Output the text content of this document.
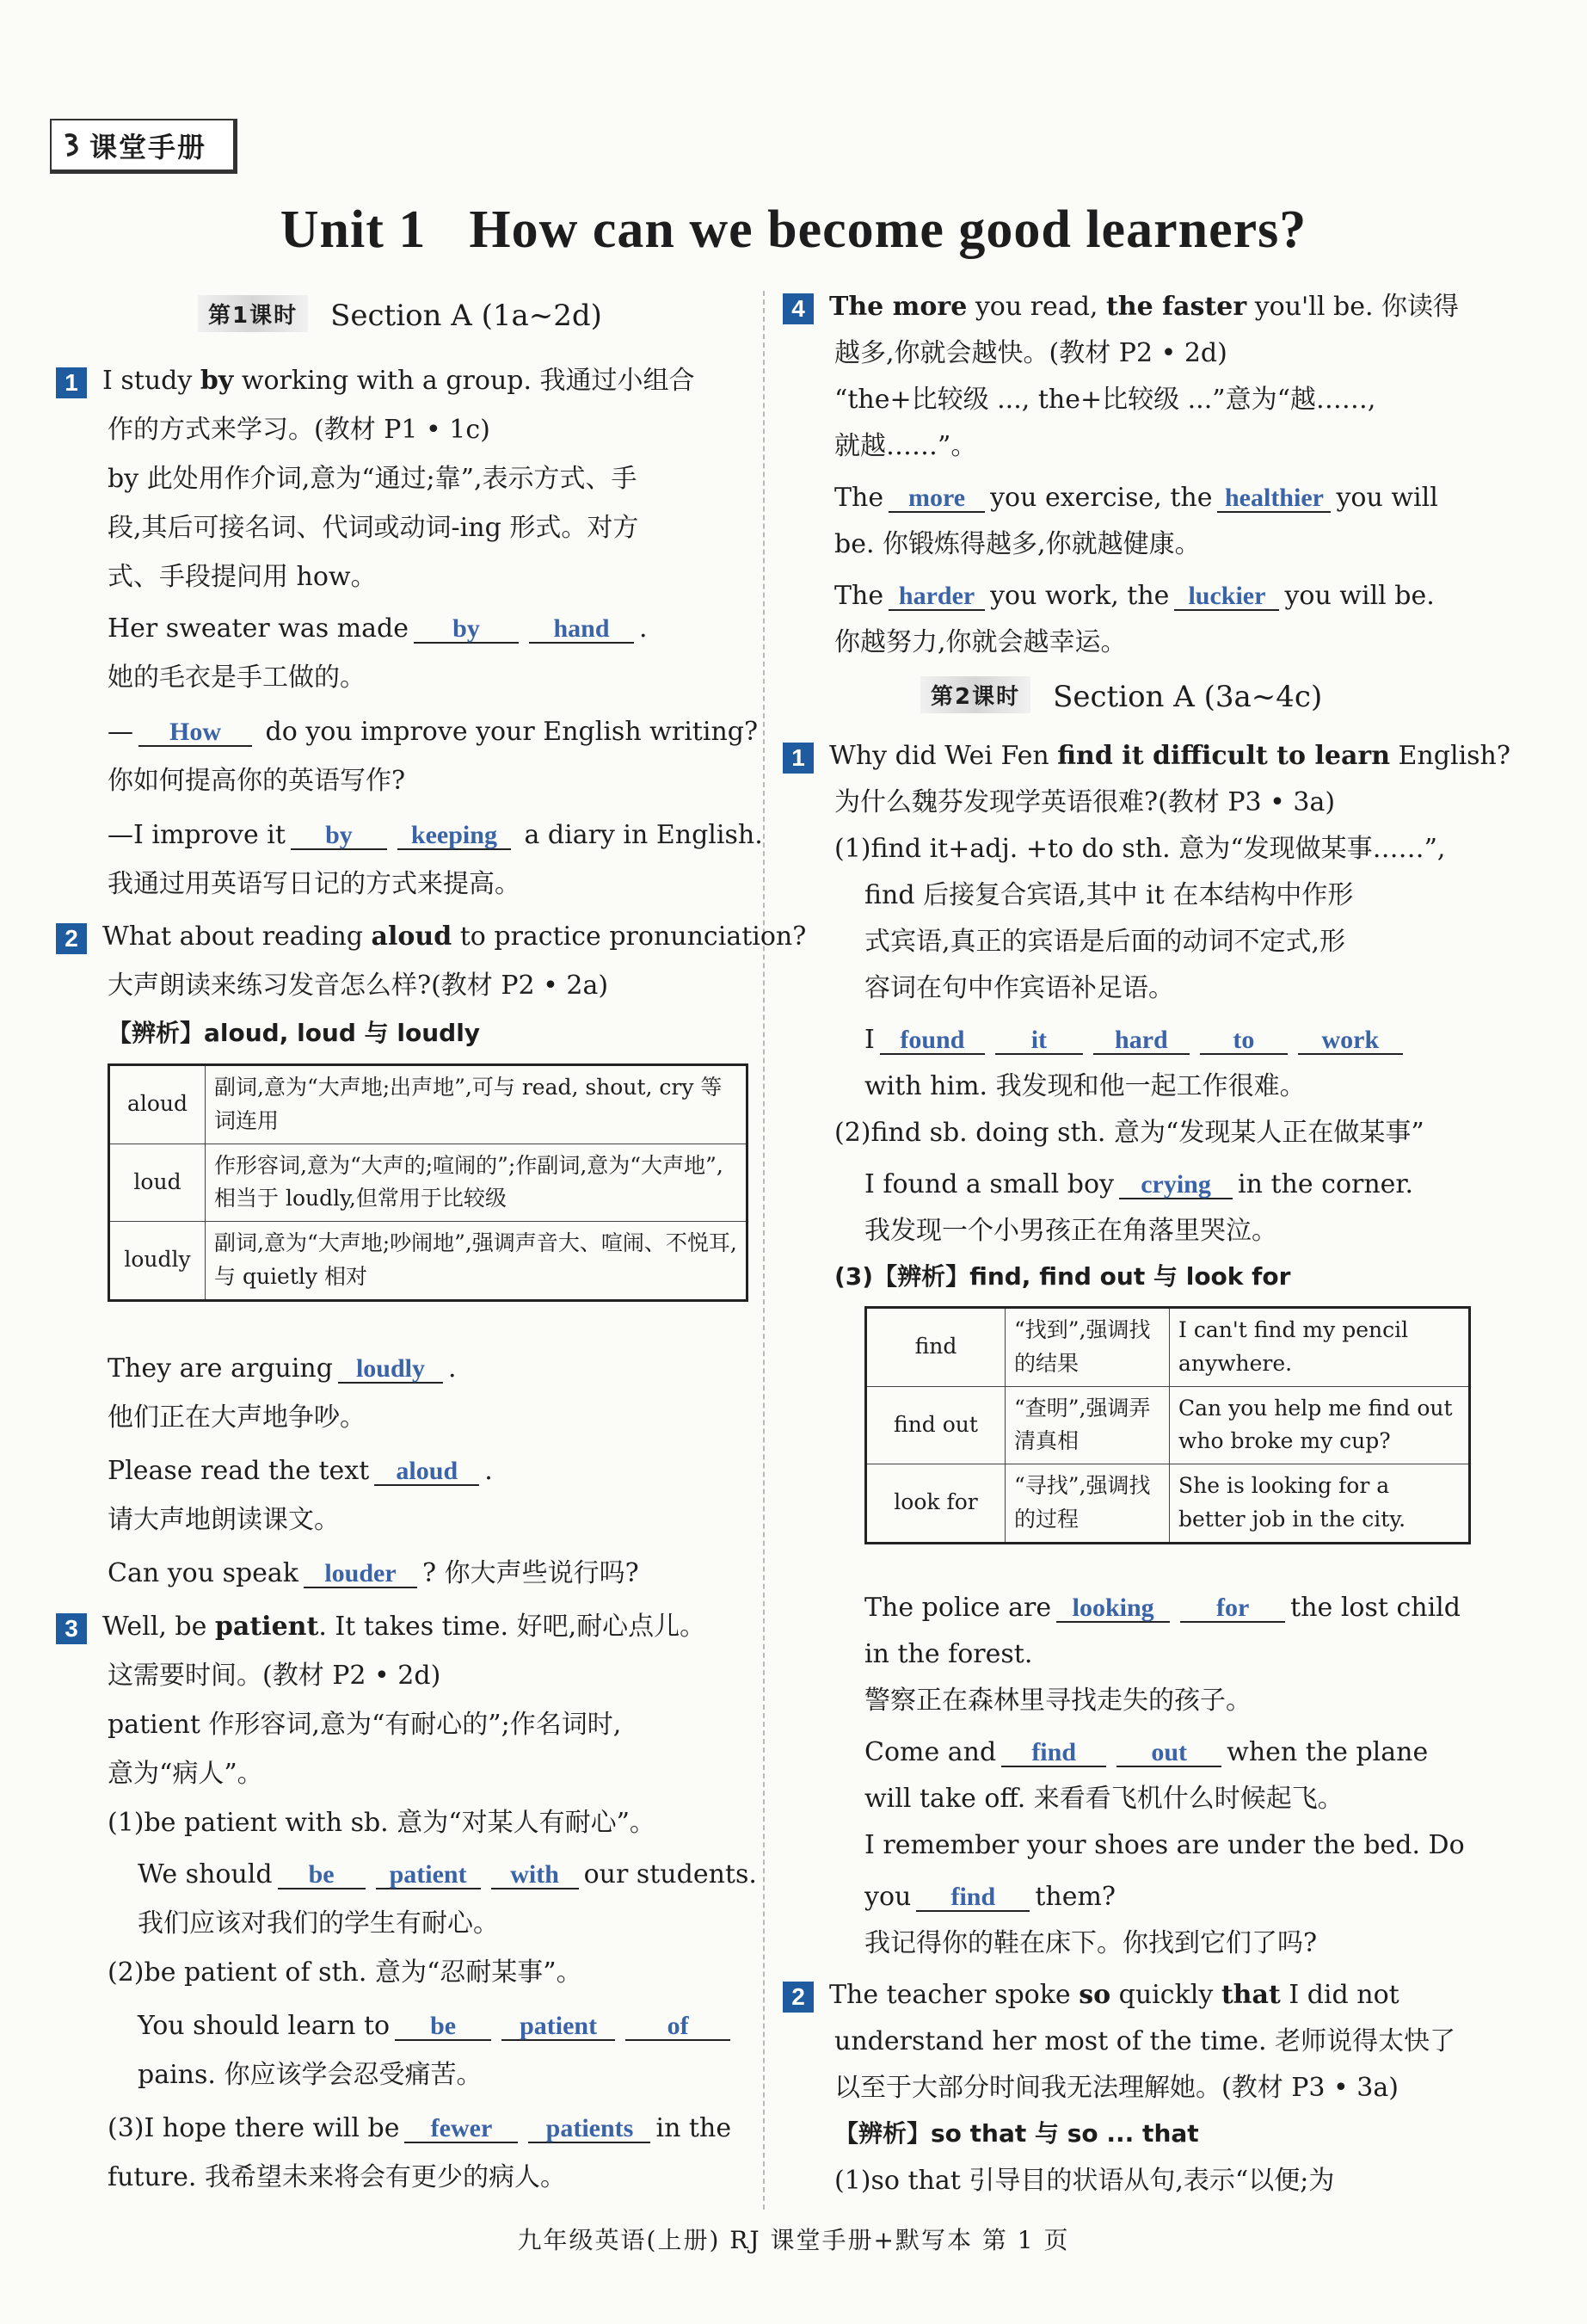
课堂手册
Unit 1 How can we become good learners?
第1课时 Section A (1a~2d)
1 I study by working with a group. 我通过小组合
作的方式来学习。(教材 P1 • 1c)
by 此处用作介词,意为“通过;靠”,表示方式、手
段,其后可接名词、代词或动词-ing 形式。对方
式、手段提问用 how。
Her sweater was made by	hand .
她的毛衣是手工做的。
— How do you improve your English writing?
你如何提高你的英语写作?
—I improve it by keeping a diary in English.
我通过用英语写日记的方式来提高。
2 What about reading aloud to practice pronunciation?
大声朗读来练习发音怎么样?(教材 P2 • 2a)
【辨析】aloud, loud 与 loudly
aloud	副词,意为“大声地;出声地”,可与 read, shout, cry 等词连用
loud	作形容词,意为“大声的;喧闹的”;作副词,意为“大声地”,相当于 loudly,但常用于比较级
loudly	副词,意为“大声地;吵闹地”,强调声音大、喧闹、不悦耳,与 quietly 相对
They are arguing loudly .
他们正在大声地争吵。
Please read the text aloud .
请大声地朗读课文。
Can you speak louder ? 你大声些说行吗?
3 Well, be patient. It takes time. 好吧,耐心点儿。
这需要时间。(教材 P2 • 2d)
patient 作形容词,意为“有耐心的”;作名词时,
意为“病人”。
(1)be patient with sb. 意为“对某人有耐心”。
We should be patient with our students.
我们应该对我们的学生有耐心。
(2)be patient of sth. 意为“忍耐某事”。
You should learn to be patient	of
pains. 你应该学会忍受痛苦。
(3)I hope there will be fewer patients in the
future. 我希望未来将会有更少的病人。
4 The more you read, the faster you'll be. 你读得
越多,你就会越快。(教材 P2 • 2d)
“the+比较级 ..., the+比较级 ...”意为“越……,
就越……”。
The more you exercise, the healthier you will
be. 你锻炼得越多,你就越健康。
The harder you work, the luckier you will be.
你越努力,你就会越幸运。
第2课时 Section A (3a~4c)
1 Why did Wei Fen find it difficult to learn English?
为什么魏芬发现学英语很难?(教材 P3 • 3a)
(1)find it+adj. +to do sth. 意为“发现做某事……”,
find 后接复合宾语,其中 it 在本结构中作形
式宾语,真正的宾语是后面的动词不定式,形
容词在句中作宾语补足语。
I found	it	hard	to	work
with him. 我发现和他一起工作很难。
(2)find sb. doing sth. 意为“发现某人正在做某事”
I found a small boy crying in the corner.
我发现一个小男孩正在角落里哭泣。
(3)【辨析】find, find out 与 look for
find	“找到”,强调找的结果	I can't find my pencil anywhere.
find out	“查明”,强调弄清真相	Can you help me find out who broke my cup?
look for	“寻找”,强调找的过程	She is looking for a better job in the city.
The police are looking for the lost child
in the forest.
警察正在森林里寻找走失的孩子。
Come and find	out when the plane
will take off. 来看看飞机什么时候起飞。
I remember your shoes are under the bed. Do
you find them?
我记得你的鞋在床下。你找到它们了吗?
2 The teacher spoke so quickly that I did not
understand her most of the time. 老师说得太快了
以至于大部分时间我无法理解她。(教材 P3 • 3a)
【辨析】so that 与 so ... that
(1)so that 引导目的状语从句,表示“以便;为
九年级英语(上册) RJ 课堂手册+默写本 第 1 页
